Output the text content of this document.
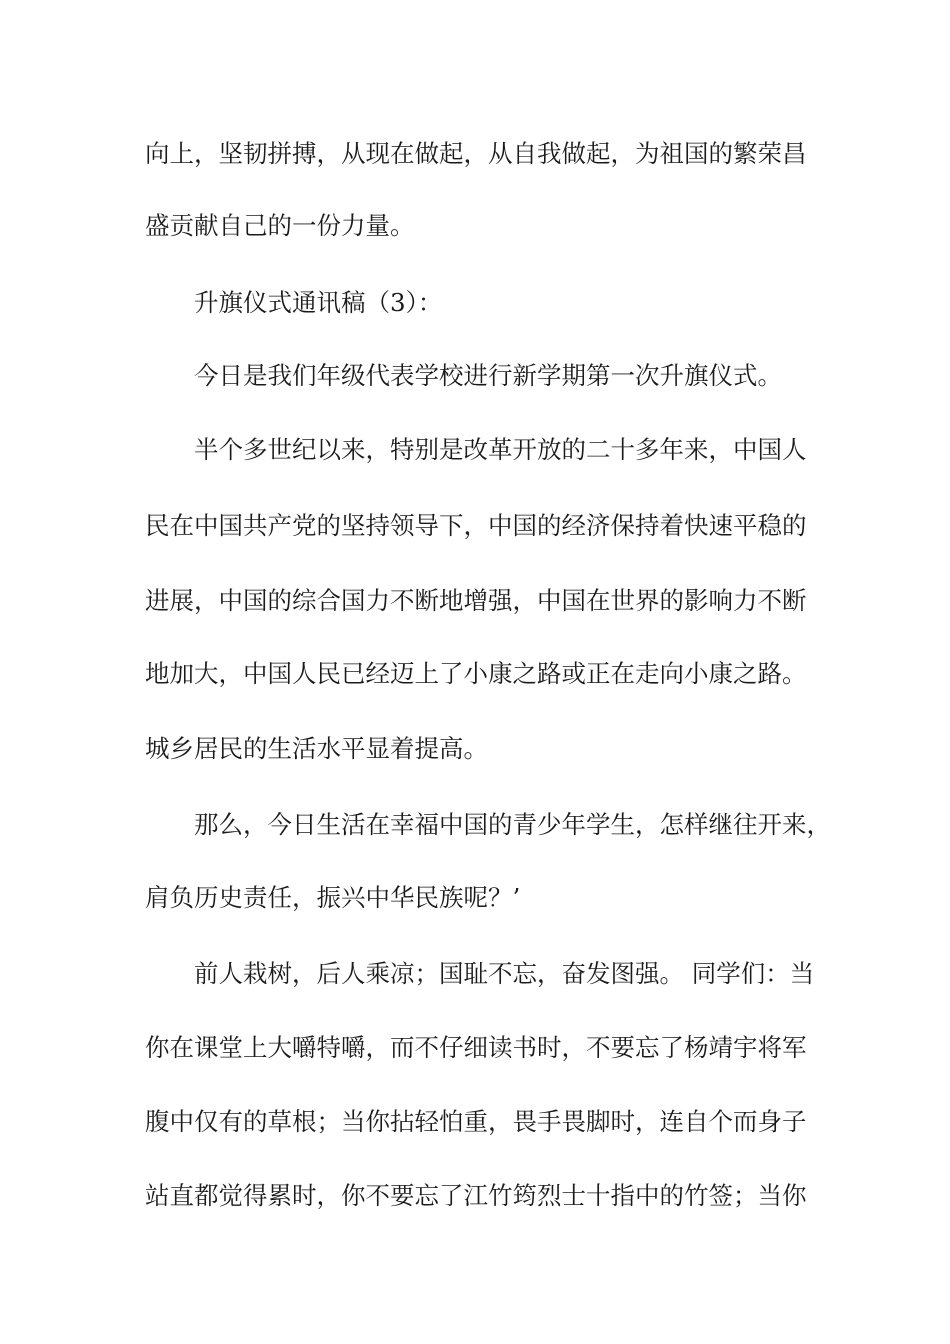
向上，坚韧拼搏，从现在做起，从自我做起，为祖国的繁荣昌
盛贡献自己的一份力量。
升旗仪式通讯稿（3）：
今日是我们年级代表学校进行新学期第一次升旗仪式。
半个多世纪以来，特别是改革开放的二十多年来，中国人
民在中国共产党的坚持领导下，中国的经济保持着快速平稳的
进展，中国的综合国力不断地增强，中国在世界的影响力不断
地加大，中国人民已经迈上了小康之路或正在走向小康之路。
城乡居民的生活水平显着提高。
那么，今日生活在幸福中国的青少年学生，怎样继往开来，
肩负历史责任，振兴中华民族呢？’
前人栽树，后人乘凉；国耻不忘，奋发图强。 同学们：当
你在课堂上大嚼特嚼，而不仔细读书时，不要忘了杨靖宇将军
腹中仅有的草根；当你拈轻怕重，畏手畏脚时，连自个而身子
站直都觉得累时，你不要忘了江竹筠烈士十指中的竹签；当你
